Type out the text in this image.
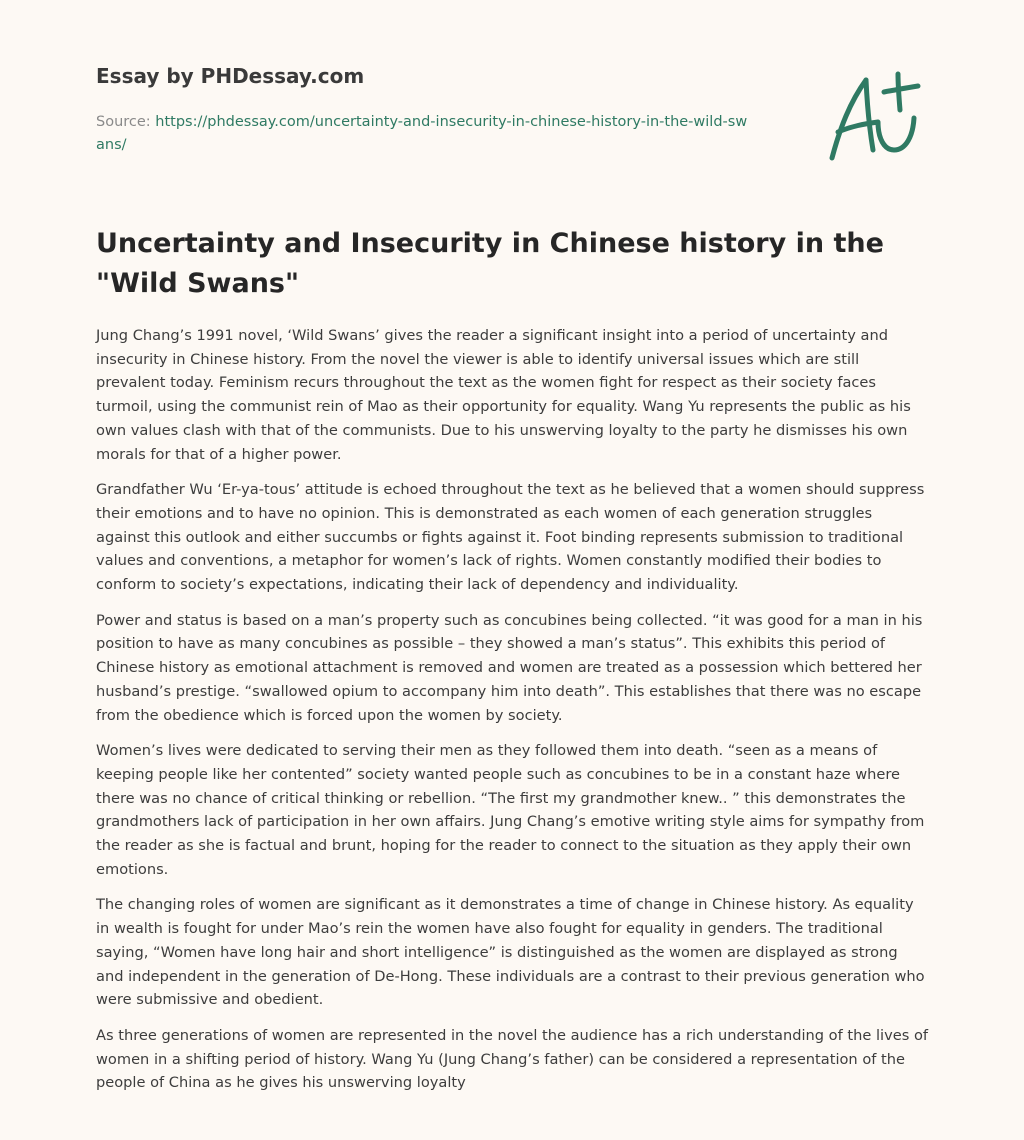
Essay by PHDessay.com
Source: https://phdessay.com/uncertainty-and-insecurity-in-chinese-history-in-the-wild-swans/
Uncertainty and Insecurity in Chinese history in the "Wild Swans"

Jung Chang’s 1991 novel, ‘Wild Swans’ gives the reader a significant insight into a period of uncertainty and insecurity in Chinese history. From the novel the viewer is able to identify universal issues which are still prevalent today. Feminism recurs throughout the text as the women fight for respect as their society faces turmoil, using the communist rein of Mao as their opportunity for equality. Wang Yu represents the public as his own values clash with that of the communists. Due to his unswerving loyalty to the party he dismisses his own morals for that of a higher power.

Grandfather Wu ‘Er-ya-tous’ attitude is echoed throughout the text as he believed that a women should suppress their emotions and to have no opinion. This is demonstrated as each women of each generation struggles against this outlook and either succumbs or fights against it. Foot binding represents submission to traditional values and conventions, a metaphor for women’s lack of rights. Women constantly modified their bodies to conform to society’s expectations, indicating their lack of dependency and individuality.

Power and status is based on a man’s property such as concubines being collected. “it was good for a man in his position to have as many concubines as possible – they showed a man’s status”. This exhibits this period of Chinese history as emotional attachment is removed and women are treated as a possession which bettered her husband’s prestige. “swallowed opium to accompany him into death”. This establishes that there was no escape from the obedience which is forced upon the women by society.

Women’s lives were dedicated to serving their men as they followed them into death. “seen as a means of keeping people like her contented” society wanted people such as concubines to be in a constant haze where there was no chance of critical thinking or rebellion. “The first my grandmother knew.. ” this demonstrates the grandmothers lack of participation in her own affairs. Jung Chang’s emotive writing style aims for sympathy from the reader as she is factual and brunt, hoping for the reader to connect to the situation as they apply their own emotions.

The changing roles of women are significant as it demonstrates a time of change in Chinese history. As equality in wealth is fought for under Mao’s rein the women have also fought for equality in genders. The traditional saying, “Women have long hair and short intelligence” is distinguished as the women are displayed as strong and independent in the generation of De-Hong. These individuals are a contrast to their previous generation who were submissive and obedient.

As three generations of women are represented in the novel the audience has a rich understanding of the lives of women in a shifting period of history. Wang Yu (Jung Chang’s father) can be considered a representation of the people of China as he gives his unswerving loyalty
